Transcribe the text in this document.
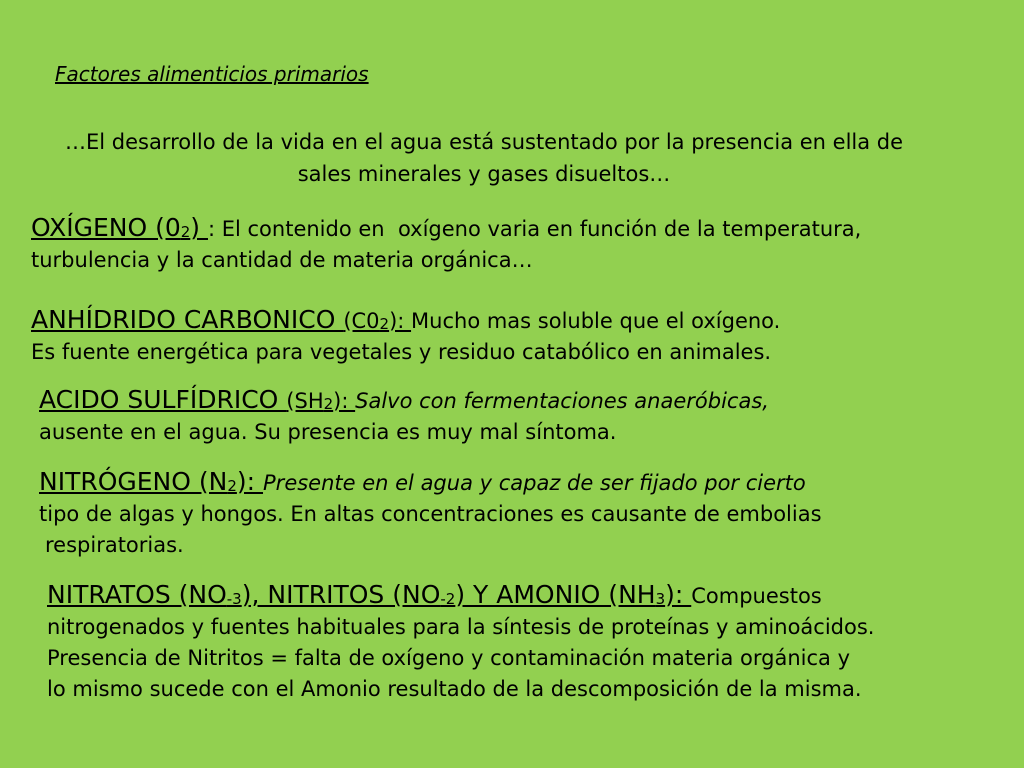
Factores alimenticios primarios
…El desarrollo de la vida en el agua está sustentado por la presencia en ella de
sales minerales y gases disueltos…
OXÍGENO $(0_2)$ : El contenido en  oxígeno varia en función de la temperatura,
turbulencia y la cantidad de materia orgánica…
ANHÍDRIDO CARBONICO $(C0_2)$: Mucho mas soluble que el oxígeno.
Es fuente energética para vegetales y residuo catabólico en animales.
ACIDO SULFÍDRICO $(SH_2)$: Salvo con fermentaciones anaeróbicas,
ausente en el agua. Su presencia es muy mal síntoma.
NITRÓGENO $(N_2)$: Presente en el agua y capaz de ser fijado por cierto
tipo de algas y hongos. En altas concentraciones es causante de embolias
respiratorias.
NITRATOS $(NO_{-3})$, NITRITOS $(NO_{-2})$ Y AMONIO $(NH_3)$: Compuestos
nitrogenados y fuentes habituales para la síntesis de proteínas y aminoácidos.
Presencia de Nitritos = falta de oxígeno y contaminación materia orgánica y
lo mismo sucede con el Amonio resultado de la descomposición de la misma.
